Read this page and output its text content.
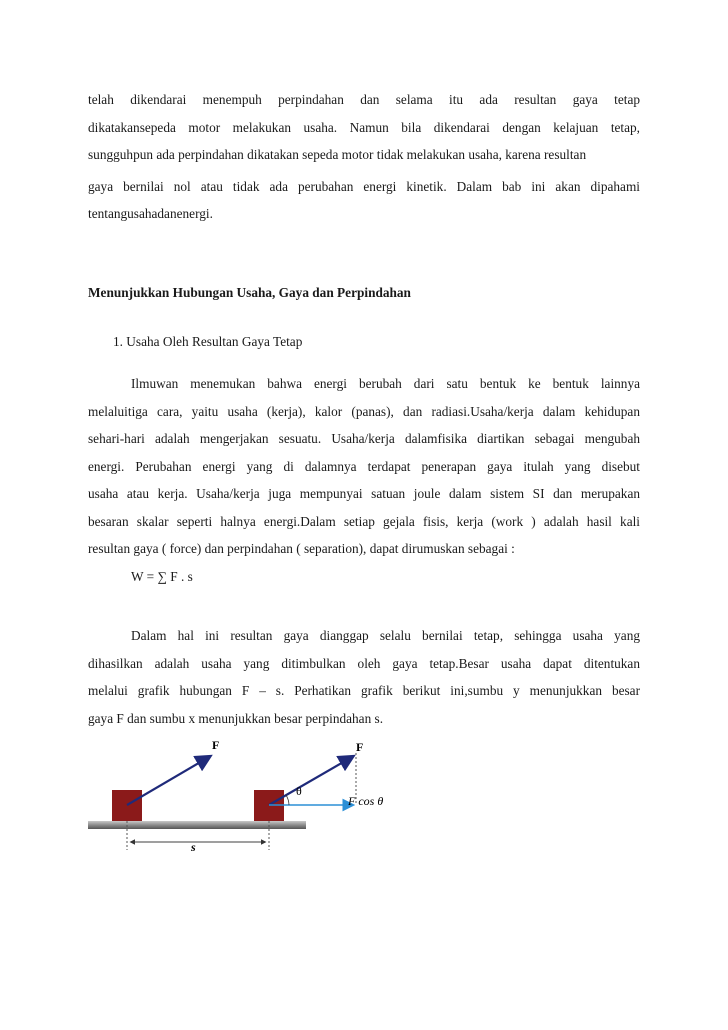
telah dikendarai menempuh perpindahan dan selama itu ada resultan gaya tetap
dikatakansepeda motor melakukan usaha. Namun bila dikendarai dengan kelajuan tetap,
sungguhpun ada perpindahan dikatakan sepeda motor tidak melakukan usaha, karena resultan
gaya bernilai nol atau tidak ada perubahan energi kinetik. Dalam bab ini akan dipahami
tentangusahadanenergi.
Menunjukkan Hubungan Usaha, Gaya dan Perpindahan
1. Usaha Oleh Resultan Gaya Tetap
Ilmuwan menemukan bahwa energi berubah dari satu bentuk ke bentuk lainnya
melaluitiga cara, yaitu usaha (kerja), kalor (panas), dan radiasi.Usaha/kerja dalam kehidupan
sehari-hari adalah mengerjakan sesuatu. Usaha/kerja dalamfisika diartikan sebagai mengubah
energi. Perubahan energi yang di dalamnya terdapat penerapan gaya itulah yang disebut
usaha atau kerja. Usaha/kerja juga mempunyai satuan joule dalam sistem SI dan merupakan
besaran skalar seperti halnya energi.Dalam setiap gejala fisis, kerja (work ) adalah hasil kali
resultan gaya ( force) dan perpindahan ( separation), dapat dirumuskan sebagai :
W = ∑ F . s
Dalam hal ini resultan gaya dianggap selalu bernilai tetap, sehingga usaha yang
dihasilkan adalah usaha yang ditimbulkan oleh gaya tetap.Besar usaha dapat ditentukan
melalui grafik hubungan F – s. Perhatikan grafik berikut ini,sumbu y menunjukkan besar
gaya F dan sumbu x menunjukkan besar perpindahan s.
F	F
θ
F cos θ
s
